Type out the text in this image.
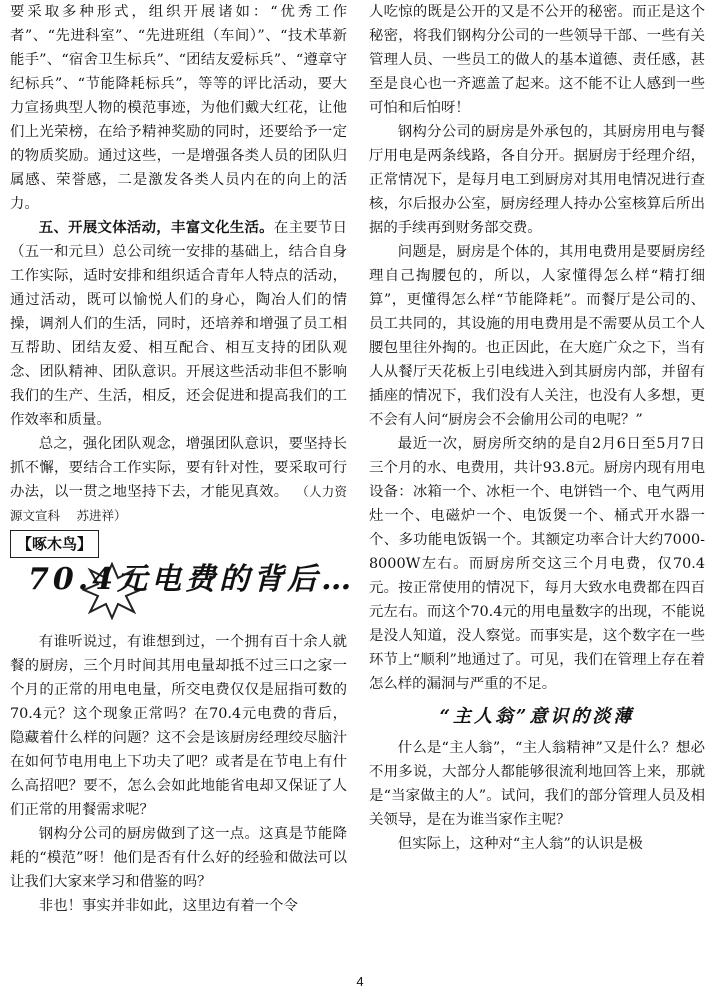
要采取多种形式，组织开展诸如：“优秀工作者”、“先进科室”、“先进班组（车间）”、“技术革新能手”、“宿舍卫生标兵”、“团结友爱标兵”、“遵章守纪标兵”、“节能降耗标兵”，等等的评比活动，要大力宣扬典型人物的模范事迹，为他们戴大红花，让他们上光荣榜，在给予精神奖励的同时，还要给予一定的物质奖励。通过这些，一是增强各类人员的团队归属感、荣誉感，二是激发各类人员内在的向上的活力。

五、开展文体活动，丰富文化生活。在主要节日（五一和元旦）总公司统一安排的基础上，结合自身工作实际，适时安排和组织适合青年人特点的活动，通过活动，既可以愉悦人们的身心，陶冶人们的情操，调剂人们的生活，同时，还培养和增强了员工相互帮助、团结友爱、相互配合、相互支持的团队观念、团队精神、团队意识。开展这些活动非但不影响我们的生产、生活，相反，还会促进和提高我们的工作效率和质量。

总之，强化团队观念，增强团队意识，要坚持长抓不懈，要结合工作实际，要有针对性，要采取可行办法，以一贯之地坚持下去，才能见真效。 （人力资源文宣科　 苏进祥）

【啄木鸟】
70.4元电费的背后…

有谁听说过，有谁想到过，一个拥有百十余人就餐的厨房，三个月时间其用电量却抵不过三口之家一个月的正常的用电电量，所交电费仅仅是屈指可数的70.4元？这个现象正常吗？在70.4元电费的背后，隐藏着什么样的问题？这不会是该厨房经理绞尽脑汁在如何节电用电上下功夫了吧？或者是在节电上有什么高招吧？要不，怎么会如此地能省电却又保证了人们正常的用餐需求呢？

钢构分公司的厨房做到了这一点。这真是节能降耗的“模范”呀！他们是否有什么好的经验和做法可以让我们大家来学习和借鉴的吗？

非也！事实并非如此，这里边有着一个令

人吃惊的既是公开的又是不公开的秘密。而正是这个秘密，将我们钢构分公司的一些领导干部、一些有关管理人员、一些员工的做人的基本道德、责任感，甚至是良心也一齐遮盖了起来。这不能不让人感到一些可怕和后怕呀！

钢构分公司的厨房是外承包的，其厨房用电与餐厅用电是两条线路，各自分开。据厨房于经理介绍，正常情况下，是每月电工到厨房对其用电情况进行查核，尔后报办公室，厨房经理人持办公室核算后所出据的手续再到财务部交费。

问题是，厨房是个体的，其用电费用是要厨房经理自己掏腰包的，所以，人家懂得怎么样“精打细算”，更懂得怎么样“节能降耗”。而餐厅是公司的、员工共同的，其设施的用电费用是不需要从员工个人腰包里往外掏的。也正因此，在大庭广众之下，当有人从餐厅天花板上引电线进入到其厨房内部，并留有插座的情况下，我们没有人关注，也没有人多想，更不会有人问“厨房会不会偷用公司的电呢？”

最近一次，厨房所交纳的是自2月6日至5月7日三个月的水、电费用，共计93.8元。厨房内现有用电设备：冰箱一个、冰柜一个、电饼铛一个、电气两用灶一个、电磁炉一个、电饭煲一个、桶式开水器一个、多功能电饭锅一个。其额定功率合计大约7000-8000W左右。而厨房所交这三个月电费，仅70.4元。按正常使用的情况下，每月大致水电费都在四百元左右。而这个70.4元的用电量数字的出现，不能说是没人知道，没人察觉。而事实是，这个数字在一些环节上“顺利”地通过了。可见，我们在管理上存在着怎么样的漏洞与严重的不足。

“主人翁”意识的淡薄

什么是“主人翁”，“主人翁精神”又是什么？想必不用多说，大部分人都能够很流利地回答上来，那就是“当家做主的人”。试问，我们的部分管理人员及相关领导，是在为谁当家作主呢？

但实际上，这种对“主人翁”的认识是极

4
